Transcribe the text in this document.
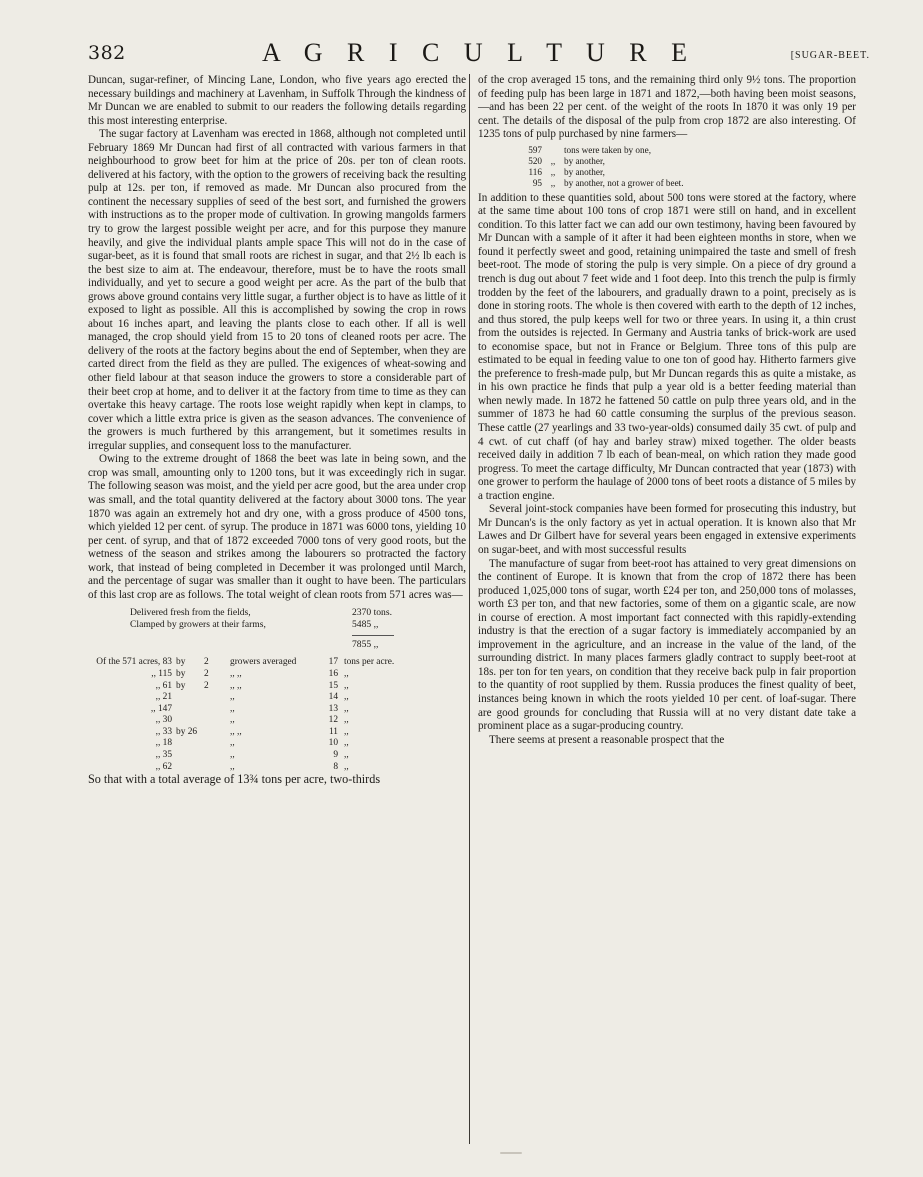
382	A G R I C U L T U R E	[SUGAR-BEET.

Duncan, sugar-refiner, of Mincing Lane, London, who five years ago erected the necessary buildings and machinery at Lavenham, in Suffolk Through the kindness of Mr Duncan we are enabled to submit to our readers the following details regarding this most interesting enterprise.

The sugar factory at Lavenham was erected in 1868, although not completed until February 1869 Mr Duncan had first of all contracted with various farmers in that neighbourhood to grow beet for him at the price of 20s. per ton of clean roots. delivered at his factory, with the option to the growers of receiving back the resulting pulp at 12s. per ton, if removed as made. Mr Duncan also procured from the continent the necessary supplies of seed of the best sort, and furnished the growers with instructions as to the proper mode of cultivation. In growing mangolds farmers try to grow the largest possible weight per acre, and for this purpose they manure heavily, and give the individual plants ample space This will not do in the case of sugar-beet, as it is found that small roots are richest in sugar, and that 2½ lb each is the best size to aim at. The endeavour, therefore, must be to have the roots small individually, and yet to secure a good weight per acre. As the part of the bulb that grows above ground contains very little sugar, a further object is to have as little of it exposed to light as possible. All this is accomplished by sowing the crop in rows about 16 inches apart, and leaving the plants close to each other. If all is well managed, the crop should yield from 15 to 20 tons of cleaned roots per acre. The delivery of the roots at the factory begins about the end of September, when they are carted direct from the field as they are pulled. The exigences of wheat-sowing and other field labour at that season induce the growers to store a considerable part of their beet crop at home, and to deliver it at the factory from time to time as they can overtake this heavy cartage. The roots lose weight rapidly when kept in clamps, to cover which a little extra price is given as the season advances. The convenience of the growers is much furthered by this arrangement, but it sometimes results in irregular supplies, and consequent loss to the manufacturer.

Owing to the extreme drought of 1868 the beet was late in being sown, and the crop was small, amounting only to 1200 tons, but it was exceedingly rich in sugar. The following season was moist, and the yield per acre good, but the area under crop was small, and the total quantity delivered at the factory about 3000 tons. The year 1870 was again an extremely hot and dry one, with a gross produce of 4500 tons, which yielded 12 per cent. of syrup. The produce in 1871 was 6000 tons, yielding 10 per cent. of syrup, and that of 1872 exceeded 7000 tons of very good roots, but the wetness of the season and strikes among the labourers so protracted the factory work, that instead of being completed in December it was prolonged until March, and the percentage of sugar was smaller than it ought to have been. The particulars of this last crop are as follows. The total weight of clean roots from 571 acres was—

Delivered fresh from the fields,	2370 tons.
Clamped by growers at their farms,	5485 ,,
7855 ,,
Of the 571 acres, 83 by	2	growers averaged	17 tons per acre.
,, 115 by	2	,, ,,	16 ,,
,, 61 by	2	,, ,,	15 ,,
,, 21	,,	14 ,,
,, 147	,,	13 ,,
,, 30	,,	12 ,,
,, 33 by 26	,, ,,	11 ,,
,, 18	,,	10 ,,
,, 35	,,	9 ,,
,, 62	,,	8 ,,

So that with a total average of 13¾ tons per acre, two-thirds

of the crop averaged 15 tons, and the remaining third only 9½ tons. The proportion of feeding pulp has been large in 1871 and 1872,—both having been moist seasons,—and has been 22 per cent. of the weight of the roots In 1870 it was only 19 per cent. The details of the disposal of the pulp from crop 1872 are also interesting. Of 1235 tons of pulp purchased by nine farmers—

597 tons were taken by one,
520 ,, by another,
116 ,, by another,
95 ,, by another, not a grower of beet.

In addition to these quantities sold, about 500 tons were stored at the factory, where at the same time about 100 tons of crop 1871 were still on hand, and in excellent condition. To this latter fact we can add our own testimony, having been favoured by Mr Duncan with a sample of it after it had been eighteen months in store, when we found it perfectly sweet and good, retaining unimpaired the taste and smell of fresh beet-root. The mode of storing the pulp is very simple. On a piece of dry ground a trench is dug out about 7 feet wide and 1 foot deep. Into this trench the pulp is firmly trodden by the feet of the labourers, and gradually drawn to a point, precisely as is done in storing roots. The whole is then covered with earth to the depth of 12 inches, and thus stored, the pulp keeps well for two or three years. In using it, a thin crust from the outsides is rejected. In Germany and Austria tanks of brick-work are used to economise space, but not in France or Belgium. Three tons of this pulp are estimated to be equal in feeding value to one ton of good hay. Hitherto farmers give the preference to fresh-made pulp, but Mr Duncan regards this as quite a mistake, as in his own practice he finds that pulp a year old is a better feeding material than when newly made. In 1872 he fattened 50 cattle on pulp three years old, and in the summer of 1873 he had 60 cattle consuming the surplus of the previous season. These cattle (27 yearlings and 33 two-year-olds) consumed daily 35 cwt. of pulp and 4 cwt. of cut chaff (of hay and barley straw) mixed together. The older beasts received daily in addition 7 lb each of bean-meal, on which ration they made good progress. To meet the cartage difficulty, Mr Duncan contracted that year (1873) with one grower to perform the haulage of 2000 tons of beet roots a distance of 5 miles by a traction engine.

Several joint-stock companies have been formed for prosecuting this industry, but Mr Duncan's is the only factory as yet in actual operation. It is known also that Mr Lawes and Dr Gilbert have for several years been engaged in extensive experiments on sugar-beet, and with most successful results

The manufacture of sugar from beet-root has attained to very great dimensions on the continent of Europe. It is known that from the crop of 1872 there has been produced 1,025,000 tons of sugar, worth £24 per ton, and 250,000 tons of molasses, worth £3 per ton, and that new factories, some of them on a gigantic scale, are now in course of erection. A most important fact connected with this rapidly-extending industry is that the erection of a sugar factory is immediately accompanied by an improvement in the agriculture, and an increase in the value of the land, of the surrounding district. In many places farmers gladly contract to supply beet-root at 18s. per ton for ten years, on condition that they receive back pulp in fair proportion to the quantity of root supplied by them. Russia produces the finest quality of beet, instances being known in which the roots yielded 10 per cent. of loaf-sugar. There are good grounds for concluding that Russia will at no very distant date take a prominent place as a sugar-producing country.

There seems at present a reasonable prospect that the
